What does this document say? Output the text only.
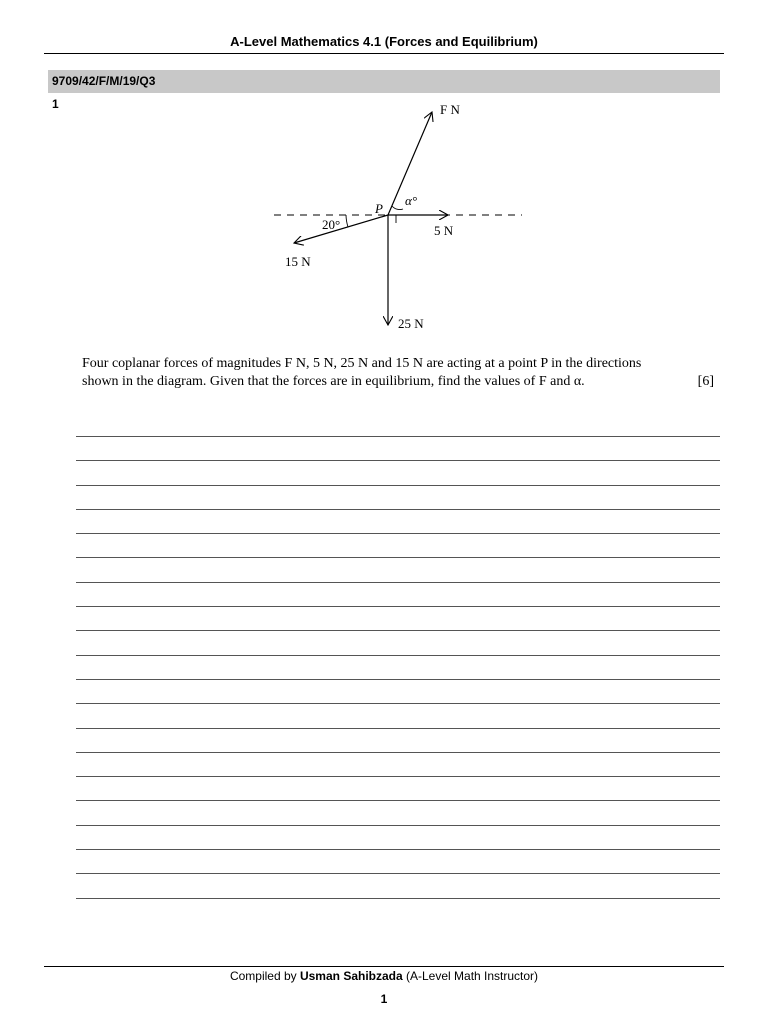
A-Level Mathematics 4.1 (Forces and Equilibrium)
9709/42/F/M/19/Q3
1
P
F N
5 N
25 N
15 N
20°
α°
Four coplanar forces of magnitudes F N, 5 N, 25 N and 15 N are acting at a point P in the directions
shown in the diagram. Given that the forces are in equilibrium, find the values of F and α.	[6]
Compiled by Usman Sahibzada (A-Level Math Instructor)
1
